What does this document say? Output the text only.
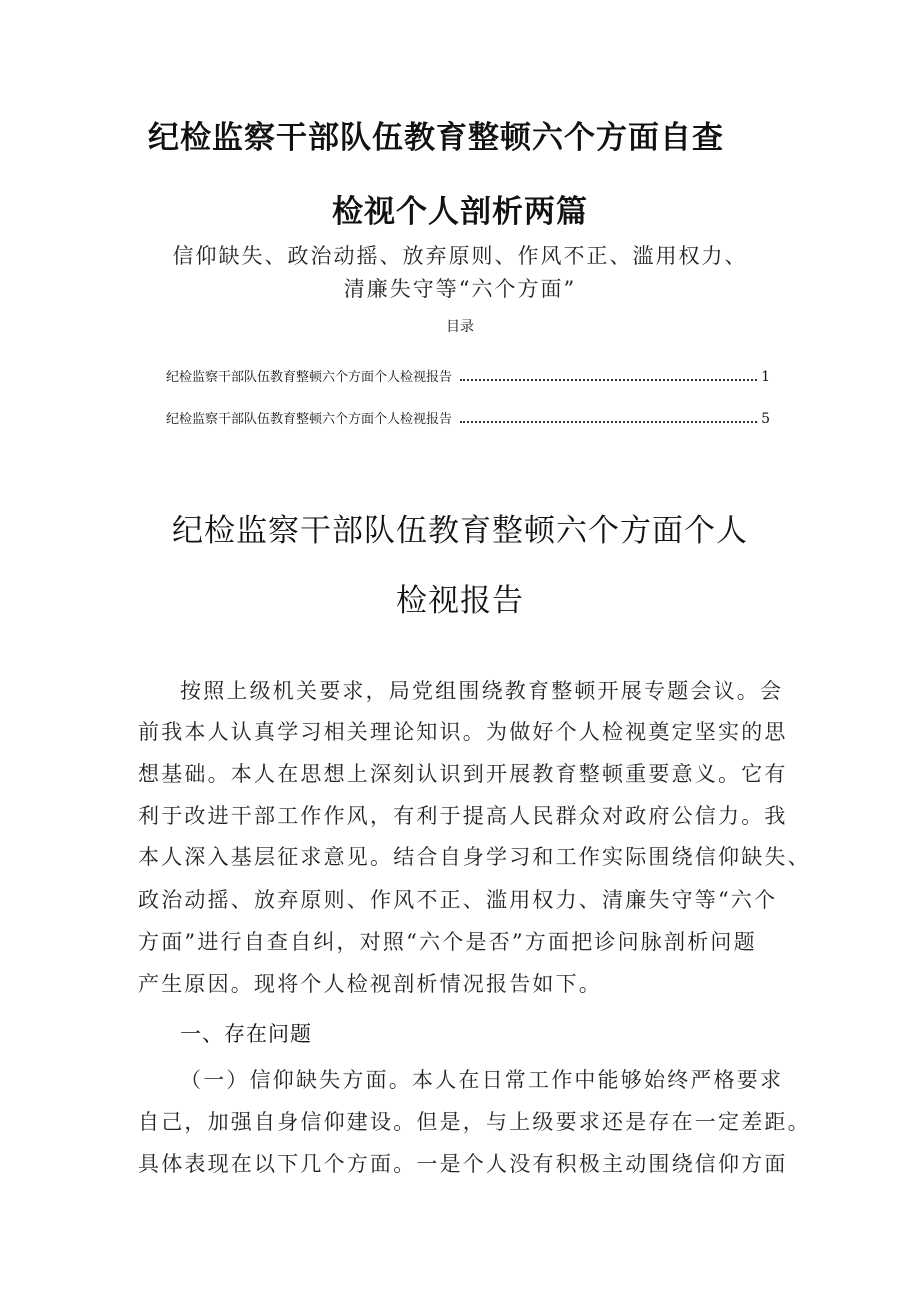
纪检监察干部队伍教育整顿六个方面自查
检视个人剖析两篇
信仰缺失、政治动摇、放弃原则、作风不正、滥用权力、
清廉失守等“六个方面”
目录
纪检监察干部队伍教育整顿六个方面个人检视报告	1
纪检监察干部队伍教育整顿六个方面个人检视报告	5
纪检监察干部队伍教育整顿六个方面个人
检视报告
按照上级机关要求，局党组围绕教育整顿开展专题会议。会
前我本人认真学习相关理论知识。为做好个人检视奠定坚实的思
想基础。本人在思想上深刻认识到开展教育整顿重要意义。它有
利于改进干部工作作风，有利于提高人民群众对政府公信力。我
本人深入基层征求意见。结合自身学习和工作实际围绕信仰缺失、
政治动摇、放弃原则、作风不正、滥用权力、清廉失守等“六个
方面”进行自查自纠，对照“六个是否”方面把诊问脉剖析问题
产生原因。现将个人检视剖析情况报告如下。
一、存在问题
（一）信仰缺失方面。本人在日常工作中能够始终严格要求
自己，加强自身信仰建设。但是，与上级要求还是存在一定差距。
具体表现在以下几个方面。一是个人没有积极主动围绕信仰方面
